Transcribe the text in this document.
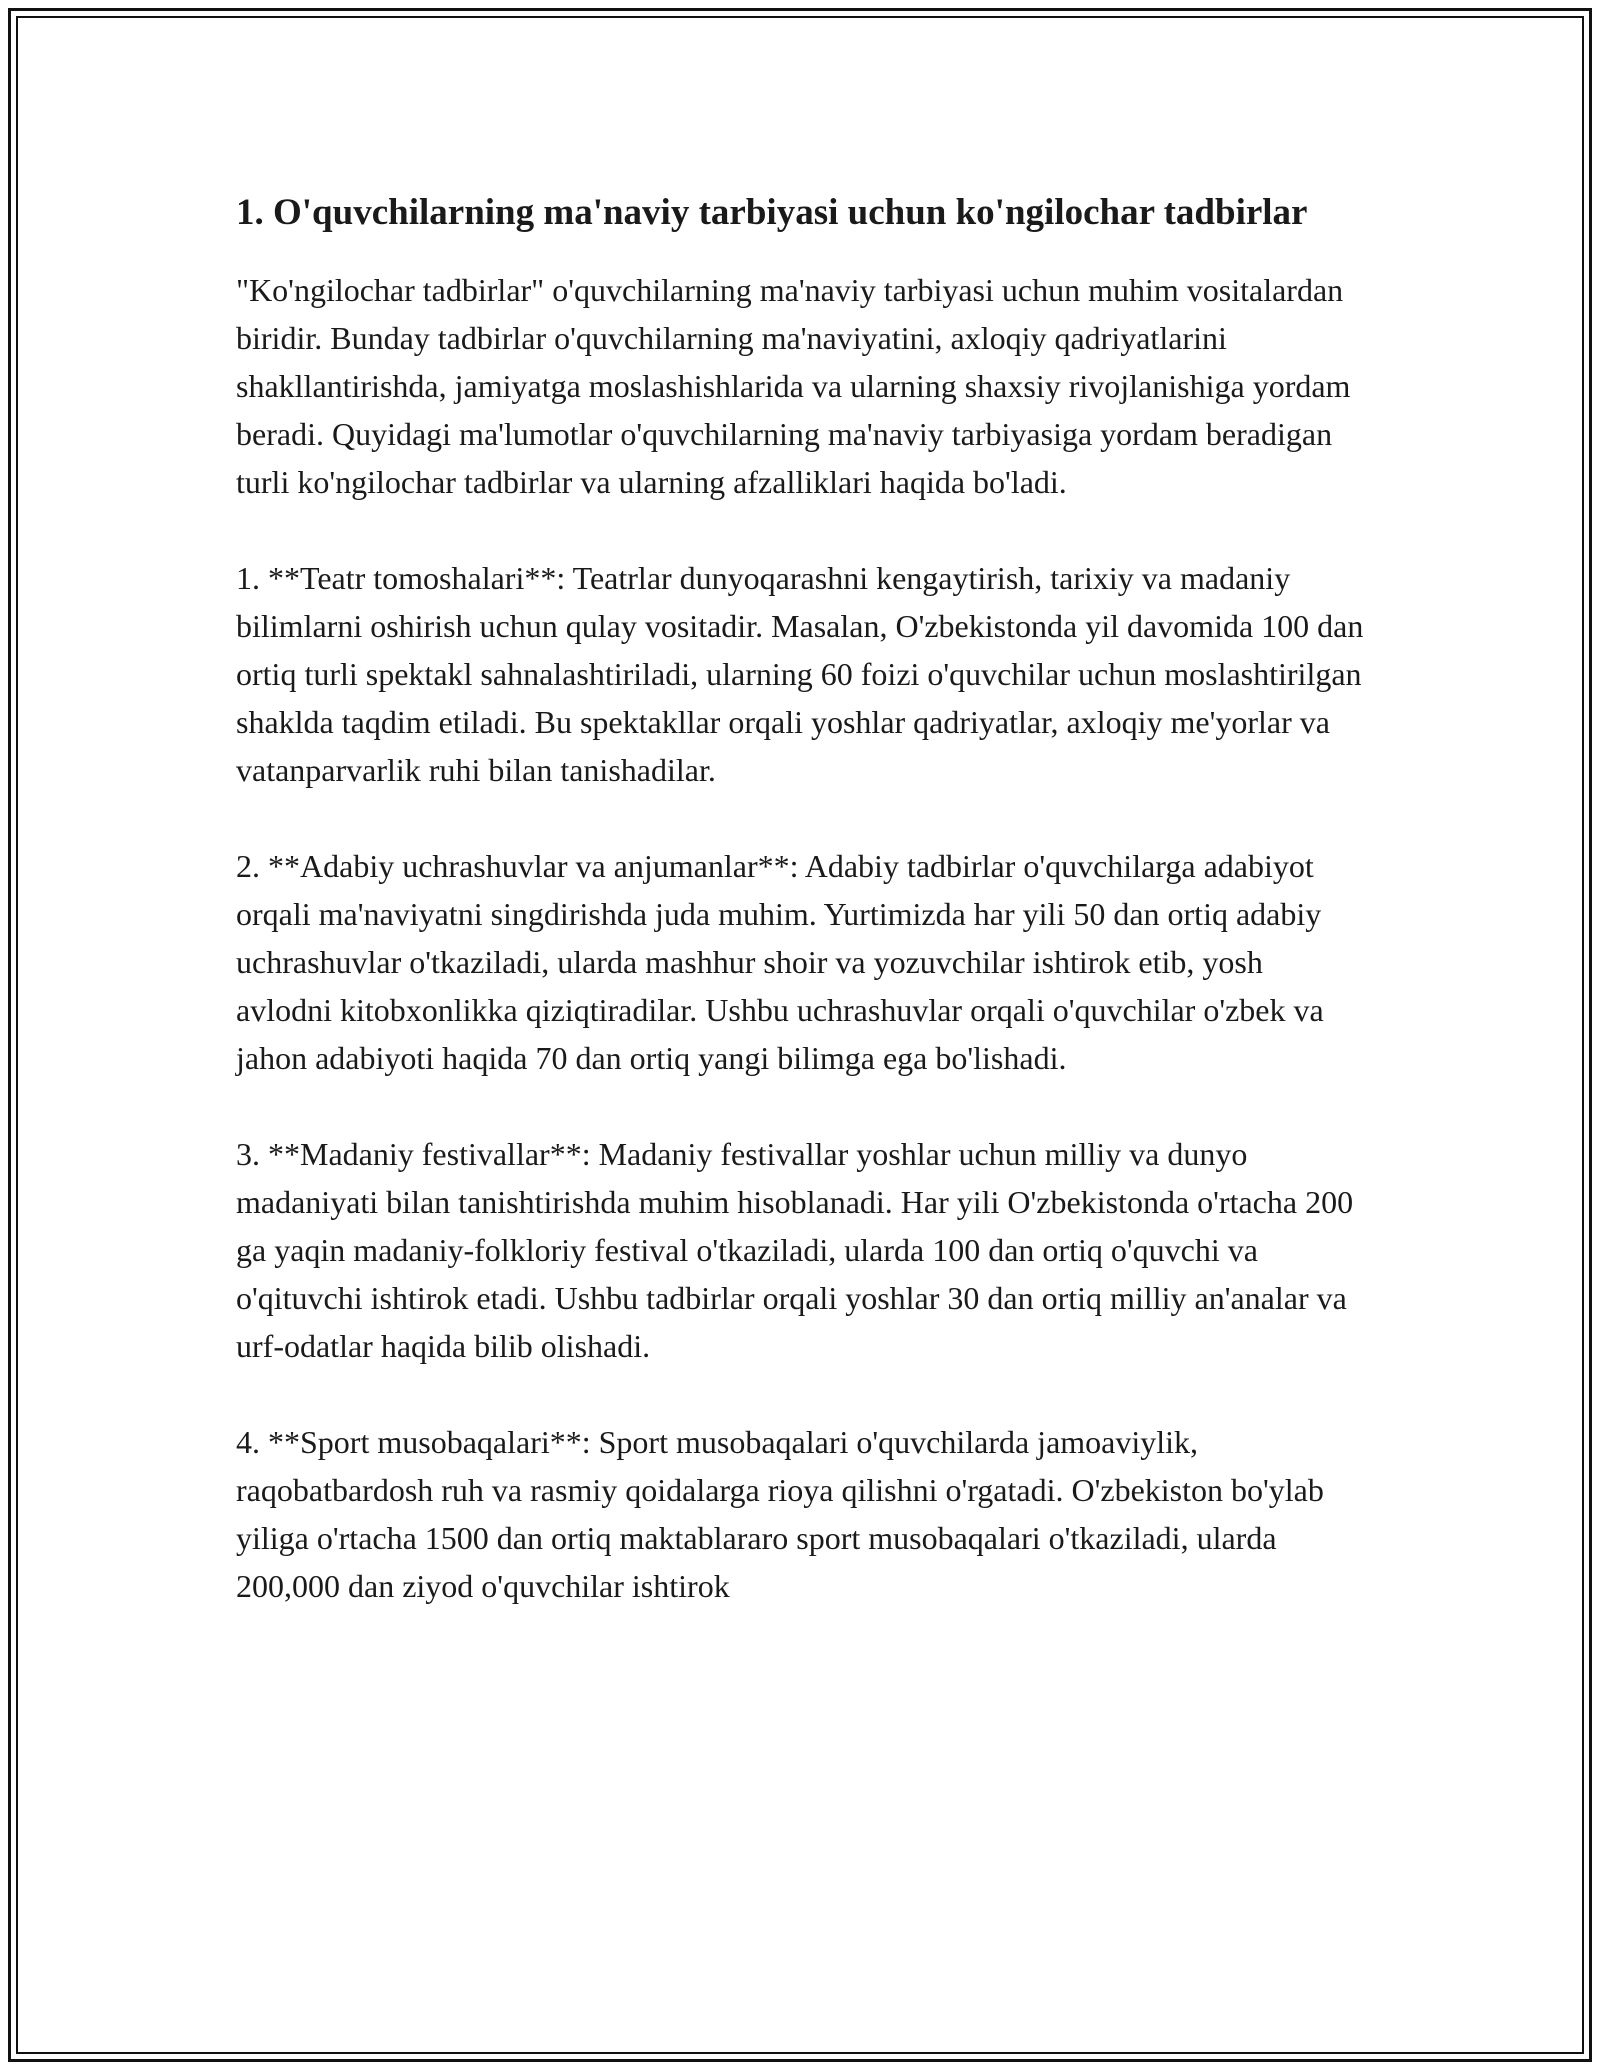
1. O'quvchilarning ma'naviy tarbiyasi uchun ko'ngilochar tadbirlar

"Ko'ngilochar tadbirlar" o'quvchilarning ma'naviy tarbiyasi uchun muhim vositalardan biridir. Bunday tadbirlar o'quvchilarning ma'naviyatini, axloqiy qadriyatlarini shakllantirishda, jamiyatga moslashishlarida va ularning shaxsiy rivojlanishiga yordam beradi. Quyidagi ma'lumotlar o'quvchilarning ma'naviy tarbiyasiga yordam beradigan turli ko'ngilochar tadbirlar va ularning afzalliklari haqida bo'ladi.

1. **Teatr tomoshalari**: Teatrlar dunyoqarashni kengaytirish, tarixiy va madaniy bilimlarni oshirish uchun qulay vositadir. Masalan, O'zbekistonda yil davomida 100 dan ortiq turli spektakl sahnalashtiriladi, ularning 60 foizi o'quvchilar uchun moslashtirilgan shaklda taqdim etiladi. Bu spektakllar orqali yoshlar qadriyatlar, axloqiy me'yorlar va vatanparvarlik ruhi bilan tanishadilar.

2. **Adabiy uchrashuvlar va anjumanlar**: Adabiy tadbirlar o'quvchilarga adabiyot orqali ma'naviyatni singdirishda juda muhim. Yurtimizda har yili 50 dan ortiq adabiy uchrashuvlar o'tkaziladi, ularda mashhur shoir va yozuvchilar ishtirok etib, yosh avlodni kitobxonlikka qiziqtiradilar. Ushbu uchrashuvlar orqali o'quvchilar o'zbek va jahon adabiyoti haqida 70 dan ortiq yangi bilimga ega bo'lishadi.

3. **Madaniy festivallar**: Madaniy festivallar yoshlar uchun milliy va dunyo madaniyati bilan tanishtirishda muhim hisoblanadi. Har yili O'zbekistonda o'rtacha 200 ga yaqin madaniy-folkloriy festival o'tkaziladi, ularda 100 dan ortiq o'quvchi va o'qituvchi ishtirok etadi. Ushbu tadbirlar orqali yoshlar 30 dan ortiq milliy an'analar va urf-odatlar haqida bilib olishadi.

4. **Sport musobaqalari**: Sport musobaqalari o'quvchilarda jamoaviylik, raqobatbardosh ruh va rasmiy qoidalarga rioya qilishni o'rgatadi. O'zbekiston bo'ylab yiliga o'rtacha 1500 dan ortiq maktablararo sport musobaqalari o'tkaziladi, ularda 200,000 dan ziyod o'quvchilar ishtirok
